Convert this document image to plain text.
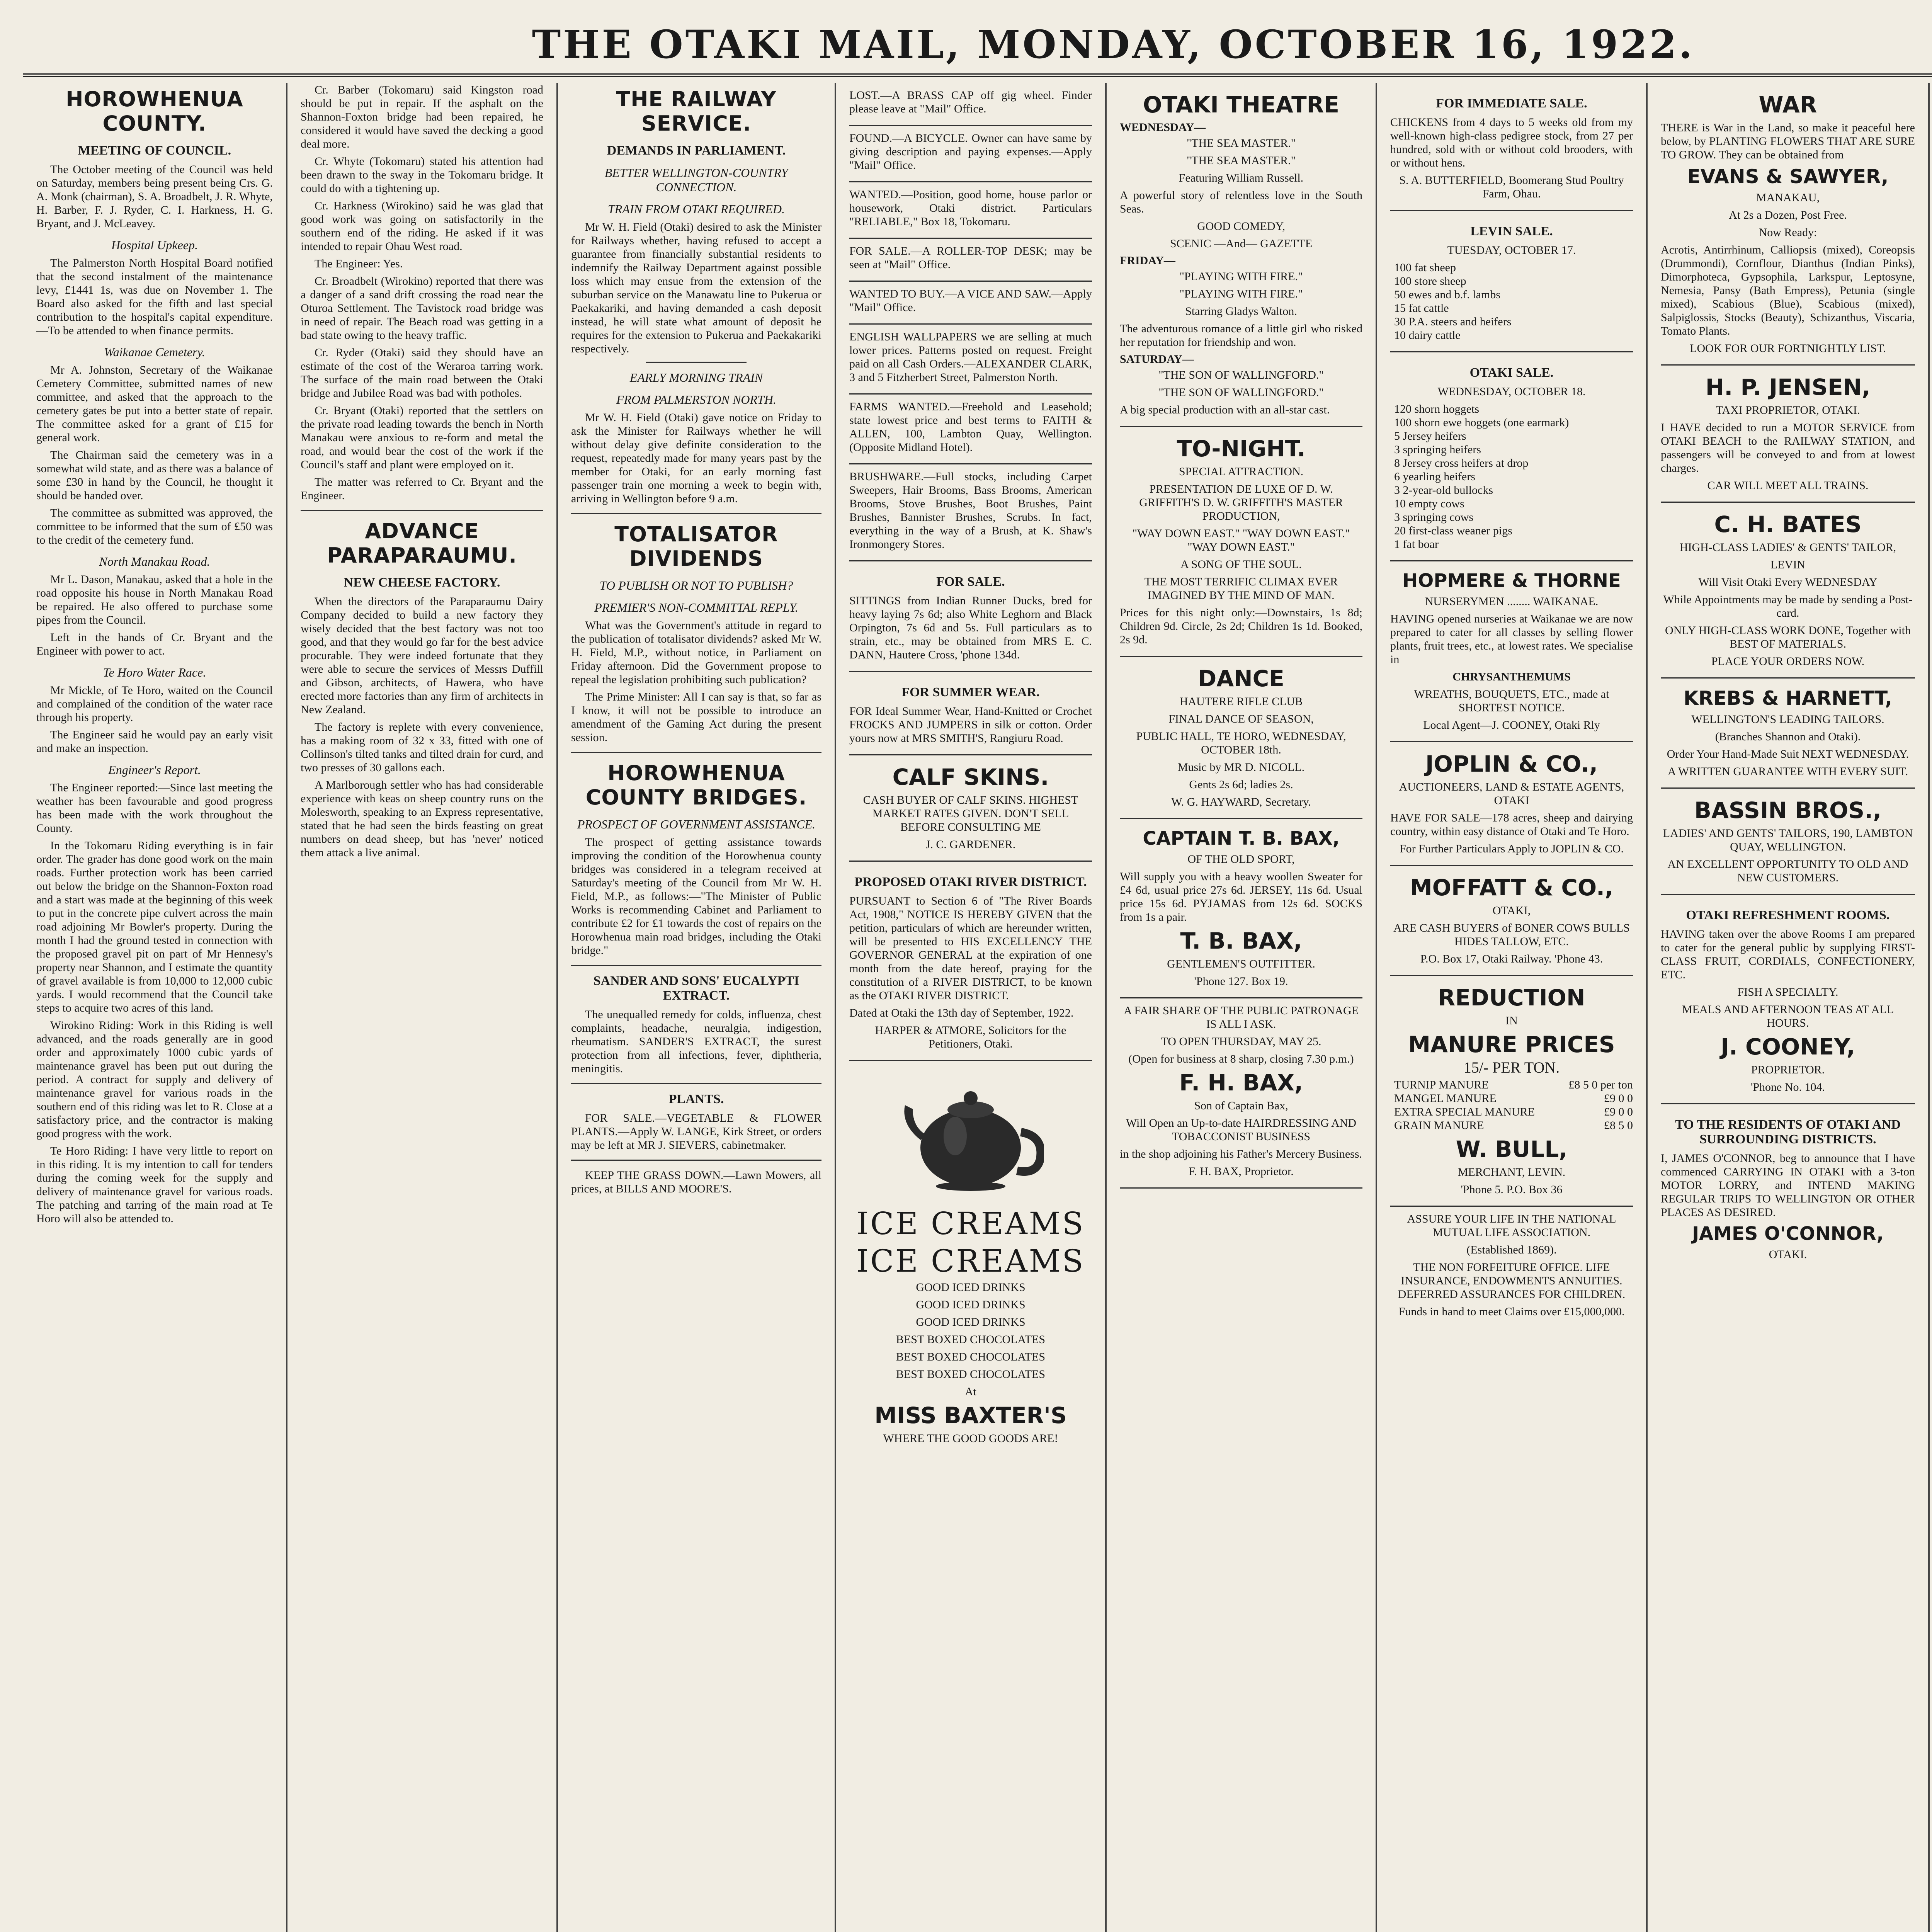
THE OTAKI MAIL, MONDAY, OCTOBER 16, 1922.
HOROWHENUA COUNTY.
MEETING OF COUNCIL.

The October meeting of the Council was held on Saturday, members being present being Crs. G. A. Monk (chairman), S. A. Broadbelt, J. R. Whyte, H. Barber, F. J. Ryder, C. I. Harkness, H. G. Bryant, and J. McLeavey.

Hospital Upkeep.

The Palmerston North Hospital Board notified that the second instalment of the maintenance levy, £1441 1s, was due on November 1. The Board also asked for the fifth and last special contribution to the hospital's capital expenditure.—To be attended to when finance permits.

Waikanae Cemetery.

Mr A. Johnston, Secretary of the Waikanae Cemetery Committee, submitted names of new committee, and asked that the approach to the cemetery gates be put into a better state of repair. The committee asked for a grant of £15 for general work.

The Chairman said the cemetery was in a somewhat wild state, and as there was a balance of some £30 in hand by the Council, he thought it should be handed over.

The committee as submitted was approved, the committee to be informed that the sum of £50 was to the credit of the cemetery fund.

North Manakau Road.

Mr L. Dason, Manakau, asked that a hole in the road opposite his house in North Manakau Road be repaired. He also offered to purchase some pipes from the Council.

Left in the hands of Cr. Bryant and the Engineer with power to act.

Te Horo Water Race.

Mr Mickle, of Te Horo, waited on the Council and complained of the condition of the water race through his property.

The Engineer said he would pay an early visit and make an inspection.

Engineer's Report.

The Engineer reported:—Since last meeting the weather has been favourable and good progress has been made with the work throughout the County.

In the Tokomaru Riding everything is in fair order. The grader has done good work on the main roads. Further protection work has been carried out below the bridge on the Shannon-Foxton road and a start was made at the beginning of this week to put in the concrete pipe culvert across the main road adjoining Mr Bowler's property. During the month I had the ground tested in connection with the proposed gravel pit on part of Mr Hennesy's property near Shannon, and I estimate the quantity of gravel available is from 10,000 to 12,000 cubic yards. I would recommend that the Council take steps to acquire two acres of this land.

Wirokino Riding: Work in this Riding is well advanced, and the roads generally are in good order and approximately 1000 cubic yards of maintenance gravel has been put out during the period. A contract for supply and delivery of maintenance gravel for various roads in the southern end of this riding was let to R. Close at a satisfactory price, and the contractor is making good progress with the work.

Te Horo Riding: I have very little to report on in this riding. It is my intention to call for tenders during the coming week for the supply and delivery of maintenance gravel for various roads. The patching and tarring of the main road at Te Horo will also be attended to.

Cr. Barber (Tokomaru) said Kingston road should be put in repair. If the asphalt on the Shannon-Foxton bridge had been repaired, he considered it would have saved the decking a good deal more.

Cr. Whyte (Tokomaru) stated his attention had been drawn to the sway in the Tokomaru bridge. It could do with a tightening up.

Cr. Harkness (Wirokino) said he was glad that good work was going on satisfactorily in the southern end of the riding. He asked if it was intended to repair Ohau West road.

The Engineer: Yes.

Cr. Broadbelt (Wirokino) reported that there was a danger of a sand drift crossing the road near the Oturoa Settlement. The Tavistock road bridge was in need of repair. The Beach road was getting in a bad state owing to the heavy traffic.

Cr. Ryder (Otaki) said they should have an estimate of the cost of the Weraroa tarring work. The surface of the main road between the Otaki bridge and Jubilee Road was bad with potholes.

Cr. Bryant (Otaki) reported that the settlers on the private road leading towards the bench in North Manakau were anxious to re-form and metal the road, and would bear the cost of the work if the Council's staff and plant were employed on it.

The matter was referred to Cr. Bryant and the Engineer.

ADVANCE PARAPARAUMU.
NEW CHEESE FACTORY.

When the directors of the Paraparaumu Dairy Company decided to build a new factory they wisely decided that the best factory was not too good, and that they would go far for the best advice procurable. They were indeed fortunate that they were able to secure the services of Messrs Duffill and Gibson, architects, of Hawera, who have erected more factories than any firm of architects in New Zealand.

The factory is replete with every convenience, has a making room of 32 x 33, fitted with one of Collinson's tilted tanks and tilted drain for curd, and two presses of 30 gallons each.

A Marlborough settler who has had considerable experience with keas on sheep country runs on the Molesworth, speaking to an Express representative, stated that he had seen the birds feasting on great numbers on dead sheep, but has 'never' noticed them attack a live animal.

THE RAILWAY SERVICE.
DEMANDS IN PARLIAMENT.
BETTER WELLINGTON-COUNTRY CONNECTION.
TRAIN FROM OTAKI REQUIRED.

Mr W. H. Field (Otaki) desired to ask the Minister for Railways whether, having refused to accept a guarantee from financially substantial residents to indemnify the Railway Department against possible loss which may ensue from the extension of the suburban service on the Manawatu line to Pukerua or Paekakariki, and having demanded a cash deposit instead, he will state what amount of deposit he requires for the extension to Pukerua and Paekakariki respectively.

EARLY MORNING TRAIN
FROM PALMERSTON NORTH.

Mr W. H. Field (Otaki) gave notice on Friday to ask the Minister for Railways whether he will without delay give definite consideration to the request, repeatedly made for many years past by the member for Otaki, for an early morning fast passenger train one morning a week to begin with, arriving in Wellington before 9 a.m.

TOTALISATOR DIVIDENDS
TO PUBLISH OR NOT TO PUBLISH?
PREMIER'S NON-COMMITTAL REPLY.

What was the Government's attitude in regard to the publication of totalisator dividends? asked Mr W. H. Field, M.P., without notice, in Parliament on Friday afternoon. Did the Government propose to repeal the legislation prohibiting such publication?

The Prime Minister: All I can say is that, so far as I know, it will not be possible to introduce an amendment of the Gaming Act during the present session.

HOROWHENUA COUNTY BRIDGES.
PROSPECT OF GOVERNMENT ASSISTANCE.

The prospect of getting assistance towards improving the condition of the Horowhenua county bridges was considered in a telegram received at Saturday's meeting of the Council from Mr W. H. Field, M.P., as follows:—"The Minister of Public Works is recommending Cabinet and Parliament to contribute £2 for £1 towards the cost of repairs on the Horowhenua main road bridges, including the Otaki bridge."

SANDER AND SONS' EUCALYPTI EXTRACT.

The unequalled remedy for colds, influenza, chest complaints, headache, neuralgia, indigestion, rheumatism. SANDER'S EXTRACT, the surest protection from all infections, fever, diphtheria, meningitis.

PLANTS.

FOR SALE.—VEGETABLE & FLOWER PLANTS.—Apply W. LANGE, Kirk Street, or orders may be left at MR J. SIEVERS, cabinetmaker.

KEEP THE GRASS DOWN.—Lawn Mowers, all prices, at BILLS AND MOORE'S.

LOST.—A BRASS CAP off gig wheel. Finder please leave at "Mail" Office.

FOUND.—A BICYCLE. Owner can have same by giving description and paying expenses.—Apply "Mail" Office.

WANTED.—Position, good home, house parlor or housework, Otaki district. Particulars "RELIABLE," Box 18, Tokomaru.

FOR SALE.—A ROLLER-TOP DESK; may be seen at "Mail" Office.

WANTED TO BUY.—A VICE AND SAW.—Apply "Mail" Office.

ENGLISH WALLPAPERS we are selling at much lower prices. Patterns posted on request. Freight paid on all Cash Orders.—ALEXANDER CLARK, 3 and 5 Fitzherbert Street, Palmerston North.

FARMS WANTED.—Freehold and Leasehold; state lowest price and best terms to FAITH & ALLEN, 100, Lambton Quay, Wellington. (Opposite Midland Hotel).

BRUSHWARE.—Full stocks, including Carpet Sweepers, Hair Brooms, Bass Brooms, American Brooms, Stove Brushes, Boot Brushes, Paint Brushes, Bannister Brushes, Scrubs. In fact, everything in the way of a Brush, at K. Shaw's Ironmongery Stores.

FOR SALE.

SITTINGS from Indian Runner Ducks, bred for heavy laying 7s 6d; also White Leghorn and Black Orpington, 7s 6d and 5s. Full particulars as to strain, etc., may be obtained from MRS E. C. DANN, Hautere Cross, 'phone 134d.

FOR SUMMER WEAR.

FOR Ideal Summer Wear, Hand-Knitted or Crochet FROCKS AND JUMPERS in silk or cotton. Order yours now at MRS SMITH'S, Rangiuru Road.

CALF SKINS.

CASH BUYER OF CALF SKINS. HIGHEST MARKET RATES GIVEN. DON'T SELL BEFORE CONSULTING ME

J. C. GARDENER.

PROPOSED OTAKI RIVER DISTRICT.

PURSUANT to Section 6 of "The River Boards Act, 1908," NOTICE IS HEREBY GIVEN that the petition, particulars of which are hereunder written, will be presented to HIS EXCELLENCY THE GOVERNOR GENERAL at the expiration of one month from the date hereof, praying for the constitution of a RIVER DISTRICT, to be known as the OTAKI RIVER DISTRICT.

Dated at Otaki the 13th day of September, 1922.

HARPER & ATMORE, Solicitors for the Petitioners, Otaki.

ICE CREAMS
ICE CREAMS

GOOD ICED DRINKS

GOOD ICED DRINKS

GOOD ICED DRINKS

BEST BOXED CHOCOLATES

BEST BOXED CHOCOLATES

BEST BOXED CHOCOLATES

At

MISS BAXTER'S

WHERE THE GOOD GOODS ARE!

OTAKI THEATRE
WEDNESDAY—

"THE SEA MASTER."

"THE SEA MASTER."

Featuring William Russell.

A powerful story of relentless love in the South Seas.

GOOD COMEDY,

SCENIC —And— GAZETTE

FRIDAY—

"PLAYING WITH FIRE."

"PLAYING WITH FIRE."

Starring Gladys Walton.

The adventurous romance of a little girl who risked her reputation for friendship and won.

SATURDAY—

"THE SON OF WALLINGFORD."

"THE SON OF WALLINGFORD."

A big special production with an all-star cast.

TO-NIGHT.

SPECIAL ATTRACTION.

PRESENTATION DE LUXE OF D. W. GRIFFITH'S D. W. GRIFFITH'S MASTER PRODUCTION,

"WAY DOWN EAST." "WAY DOWN EAST." "WAY DOWN EAST."

A SONG OF THE SOUL.

THE MOST TERRIFIC CLIMAX EVER IMAGINED BY THE MIND OF MAN.

Prices for this night only:—Downstairs, 1s 8d; Children 9d. Circle, 2s 2d; Children 1s 1d. Booked, 2s 9d.

DANCE

HAUTERE RIFLE CLUB

FINAL DANCE OF SEASON,

PUBLIC HALL, TE HORO, WEDNESDAY, OCTOBER 18th.

Music by MR D. NICOLL.

Gents 2s 6d; ladies 2s.

W. G. HAYWARD, Secretary.

CAPTAIN T. B. BAX,

OF THE OLD SPORT,

Will supply you with a heavy woollen Sweater for £4 6d, usual price 27s 6d. JERSEY, 11s 6d. Usual price 15s 6d. PYJAMAS from 12s 6d. SOCKS from 1s a pair.

T. B. BAX,

GENTLEMEN'S OUTFITTER.

'Phone 127. Box 19.

A FAIR SHARE OF THE PUBLIC PATRONAGE IS ALL I ASK.

TO OPEN THURSDAY, MAY 25.

(Open for business at 8 sharp, closing 7.30 p.m.)

F. H. BAX,

Son of Captain Bax,

Will Open an Up-to-date HAIRDRESSING AND TOBACCONIST BUSINESS

in the shop adjoining his Father's Mercery Business.

F. H. BAX, Proprietor.

FOR IMMEDIATE SALE.

CHICKENS from 4 days to 5 weeks old from my well-known high-class pedigree stock, from 27 per hundred, sold with or without cold brooders, with or without hens.

S. A. BUTTERFIELD, Boomerang Stud Poultry Farm, Ohau.

LEVIN SALE.

TUESDAY, OCTOBER 17.

100 fat sheep
100 store sheep
50 ewes and b.f. lambs
15 fat cattle
30 P.A. steers and heifers
10 dairy cattle
OTAKI SALE.

WEDNESDAY, OCTOBER 18.

120 shorn hoggets
100 shorn ewe hoggets (one earmark)
5 Jersey heifers
3 springing heifers
8 Jersey cross heifers at drop
6 yearling heifers
3 2-year-old bullocks
10 empty cows
3 springing cows
20 first-class weaner pigs
1 fat boar
HOPMERE & THORNE

NURSERYMEN ........ WAIKANAE.

HAVING opened nurseries at Waikanae we are now prepared to cater for all classes by selling flower plants, fruit trees, etc., at lowest rates. We specialise in

CHRYSANTHEMUMS

WREATHS, BOUQUETS, ETC., made at SHORTEST NOTICE.

Local Agent—J. COONEY, Otaki Rly

JOPLIN & CO.,

AUCTIONEERS, LAND & ESTATE AGENTS, OTAKI

HAVE FOR SALE—178 acres, sheep and dairying country, within easy distance of Otaki and Te Horo.

For Further Particulars Apply to JOPLIN & CO.

MOFFATT & CO.,

OTAKI,

ARE CASH BUYERS of BONER COWS BULLS HIDES TALLOW, ETC.

P.O. Box 17, Otaki Railway. 'Phone 43.

REDUCTION

IN

MANURE PRICES

15/- PER TON.

TURNIP MANURE	£8 5 0 per ton
MANGEL MANURE	£9 0 0
EXTRA SPECIAL MANURE	£9 0 0
GRAIN MANURE	£8 5 0
W. BULL,

MERCHANT, LEVIN.

'Phone 5. P.O. Box 36

ASSURE YOUR LIFE IN THE NATIONAL MUTUAL LIFE ASSOCIATION.

(Established 1869).

THE NON FORFEITURE OFFICE. LIFE INSURANCE, ENDOWMENTS ANNUITIES. DEFERRED ASSURANCES FOR CHILDREN.

Funds in hand to meet Claims over £15,000,000.

WAR

THERE is War in the Land, so make it peaceful here below, by PLANTING FLOWERS THAT ARE SURE TO GROW. They can be obtained from

EVANS & SAWYER,

MANAKAU,

At 2s a Dozen, Post Free.

Now Ready:

Acrotis, Antirrhinum, Calliopsis (mixed), Coreopsis (Drummondi), Cornflour, Dianthus (Indian Pinks), Dimorphoteca, Gypsophila, Larkspur, Leptosyne, Nemesia, Pansy (Bath Empress), Petunia (single mixed), Scabious (Blue), Scabious (mixed), Salpiglossis, Stocks (Beauty), Schizanthus, Viscaria, Tomato Plants.

LOOK FOR OUR FORTNIGHTLY LIST.

H. P. JENSEN,

TAXI PROPRIETOR, OTAKI.

I HAVE decided to run a MOTOR SERVICE from OTAKI BEACH to the RAILWAY STATION, and passengers will be conveyed to and from at lowest charges.

CAR WILL MEET ALL TRAINS.

C. H. BATES

HIGH-CLASS LADIES' & GENTS' TAILOR,

LEVIN

Will Visit Otaki Every WEDNESDAY

While Appointments may be made by sending a Post-card.

ONLY HIGH-CLASS WORK DONE, Together with BEST OF MATERIALS.

PLACE YOUR ORDERS NOW.

KREBS & HARNETT,

WELLINGTON'S LEADING TAILORS.

(Branches Shannon and Otaki).

Order Your Hand-Made Suit NEXT WEDNESDAY.

A WRITTEN GUARANTEE WITH EVERY SUIT.

BASSIN BROS.,

LADIES' AND GENTS' TAILORS, 190, LAMBTON QUAY, WELLINGTON.

AN EXCELLENT OPPORTUNITY TO OLD AND NEW CUSTOMERS.

OTAKI REFRESHMENT ROOMS.

HAVING taken over the above Rooms I am prepared to cater for the general public by supplying FIRST-CLASS FRUIT, CORDIALS, CONFECTIONERY, ETC.

FISH A SPECIALTY.

MEALS AND AFTERNOON TEAS AT ALL HOURS.

J. COONEY,

PROPRIETOR.

'Phone No. 104.

TO THE RESIDENTS OF OTAKI AND SURROUNDING DISTRICTS.

I, JAMES O'CONNOR, beg to announce that I have commenced CARRYING IN OTAKI with a 3-ton MOTOR LORRY, and INTEND MAKING REGULAR TRIPS TO WELLINGTON OR OTHER PLACES AS DESIRED.

JAMES O'CONNOR,

OTAKI.
